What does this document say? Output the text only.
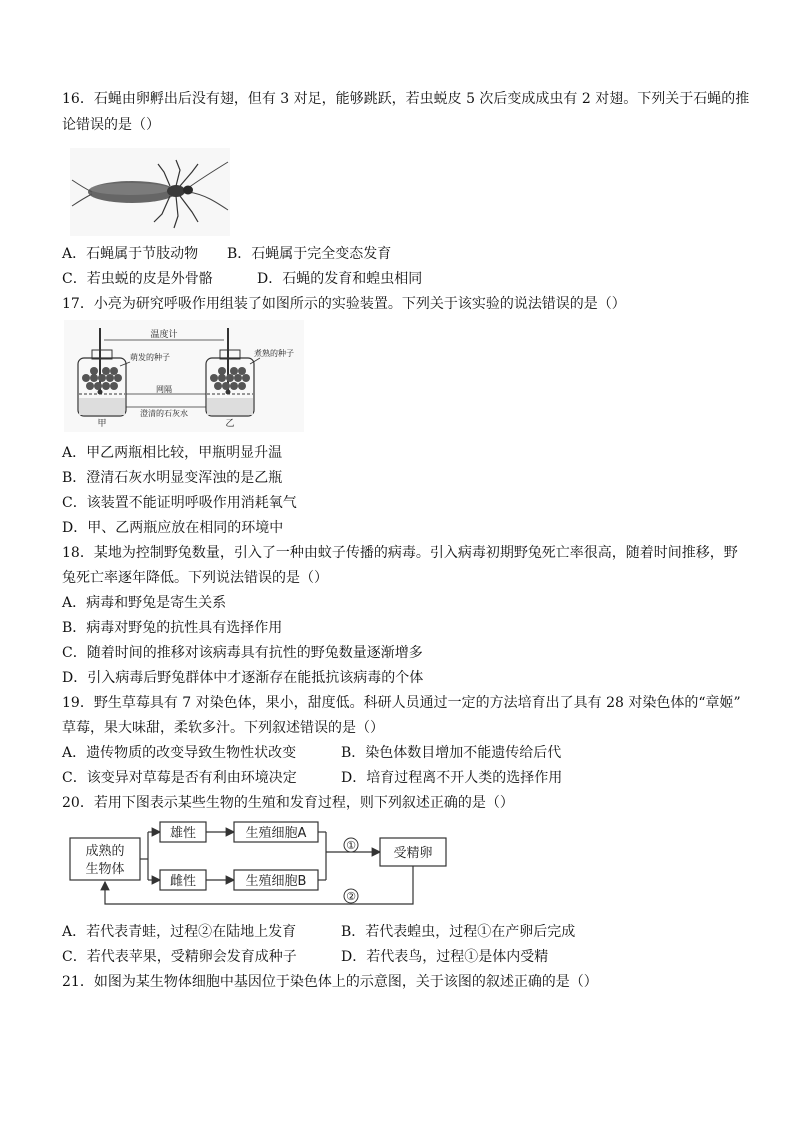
16．石蝇由卵孵出后没有翅，但有 3 对足，能够跳跃，若虫蜕皮 5 次后变成成虫有 2 对翅。下列关于石蝇的推
论错误的是（）
A．石蝇属于节肢动物 B．石蝇属于完全变态发育
C．若虫蜕的皮是外骨骼	D．石蝇的发育和蝗虫相同
17．小亮为研究呼吸作用组装了如图所示的实验装置。下列关于该实验的说法错误的是（）
甲	乙
温度计
萌发的种子	煮熟的种子
网隔
澄清的石灰水
A．甲乙两瓶相比较，甲瓶明显升温
B．澄清石灰水明显变浑浊的是乙瓶
C．该装置不能证明呼吸作用消耗氧气
D．甲、乙两瓶应放在相同的环境中
18．某地为控制野兔数量，引入了一种由蚊子传播的病毒。引入病毒初期野兔死亡率很高，随着时间推移，野
兔死亡率逐年降低。下列说法错误的是（）
A．病毒和野兔是寄生关系
B．病毒对野兔的抗性具有选择作用
C．随着时间的推移对该病毒具有抗性的野兔数量逐渐增多
D．引入病毒后野兔群体中才逐渐存在能抵抗该病毒的个体
19．野生草莓具有 7 对染色体，果小，甜度低。科研人员通过一定的方法培育出了具有 28 对染色体的“章姬”
草莓，果大味甜，柔软多汁。下列叙述错误的是（）
A．遗传物质的改变导致生物性状改变	B．染色体数目增加不能遗传给后代
C．该变异对草莓是否有利由环境决定	D．培育过程离不开人类的选择作用
20．若用下图表示某些生物的生殖和发育过程，则下列叙述正确的是（）
成熟的
生物体
雄性
雌性
生殖细胞A
生殖细胞B
①
受精卵
②
A．若代表青蛙，过程②在陆地上发育	B．若代表蝗虫，过程①在产卵后完成
C．若代表苹果，受精卵会发育成种子	D．若代表鸟，过程①是体内受精
21．如图为某生物体细胞中基因位于染色体上的示意图，关于该图的叙述正确的是（）
